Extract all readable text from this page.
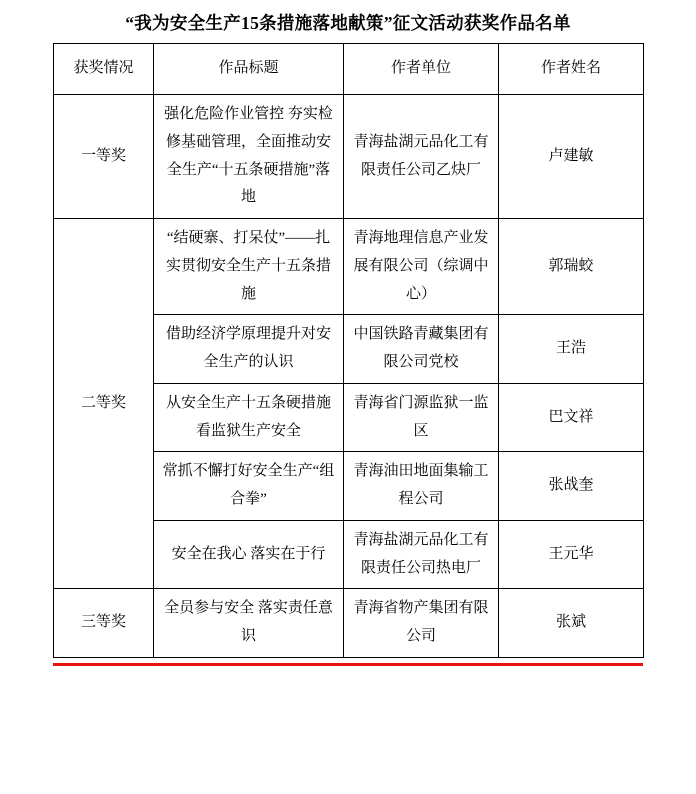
“我为安全生产15条措施落地献策”征文活动获奖作品名单
获奖情况	作品标题	作者单位	作者姓名
一等奖	强化危险作业管控 夯实检修基础管理，全面推动安全生产“十五条硬措施”落地	青海盐湖元品化工有限责任公司乙炔厂	卢建敏
二等奖	“结硬寨、打呆仗”——扎实贯彻安全生产十五条措施	青海地理信息产业发展有限公司（综调中心）	郭瑞蛟
	借助经济学原理提升对安全生产的认识	中国铁路青藏集团有限公司党校	王浩
	从安全生产十五条硬措施看监狱生产安全	青海省门源监狱一监区	巴文祥
	常抓不懈打好安全生产“组合拳”	青海油田地面集输工程公司	张战奎
	安全在我心 落实在于行	青海盐湖元品化工有限责任公司热电厂	王元华
三等奖	全员参与安全 落实责任意识	青海省物产集团有限公司	张斌
